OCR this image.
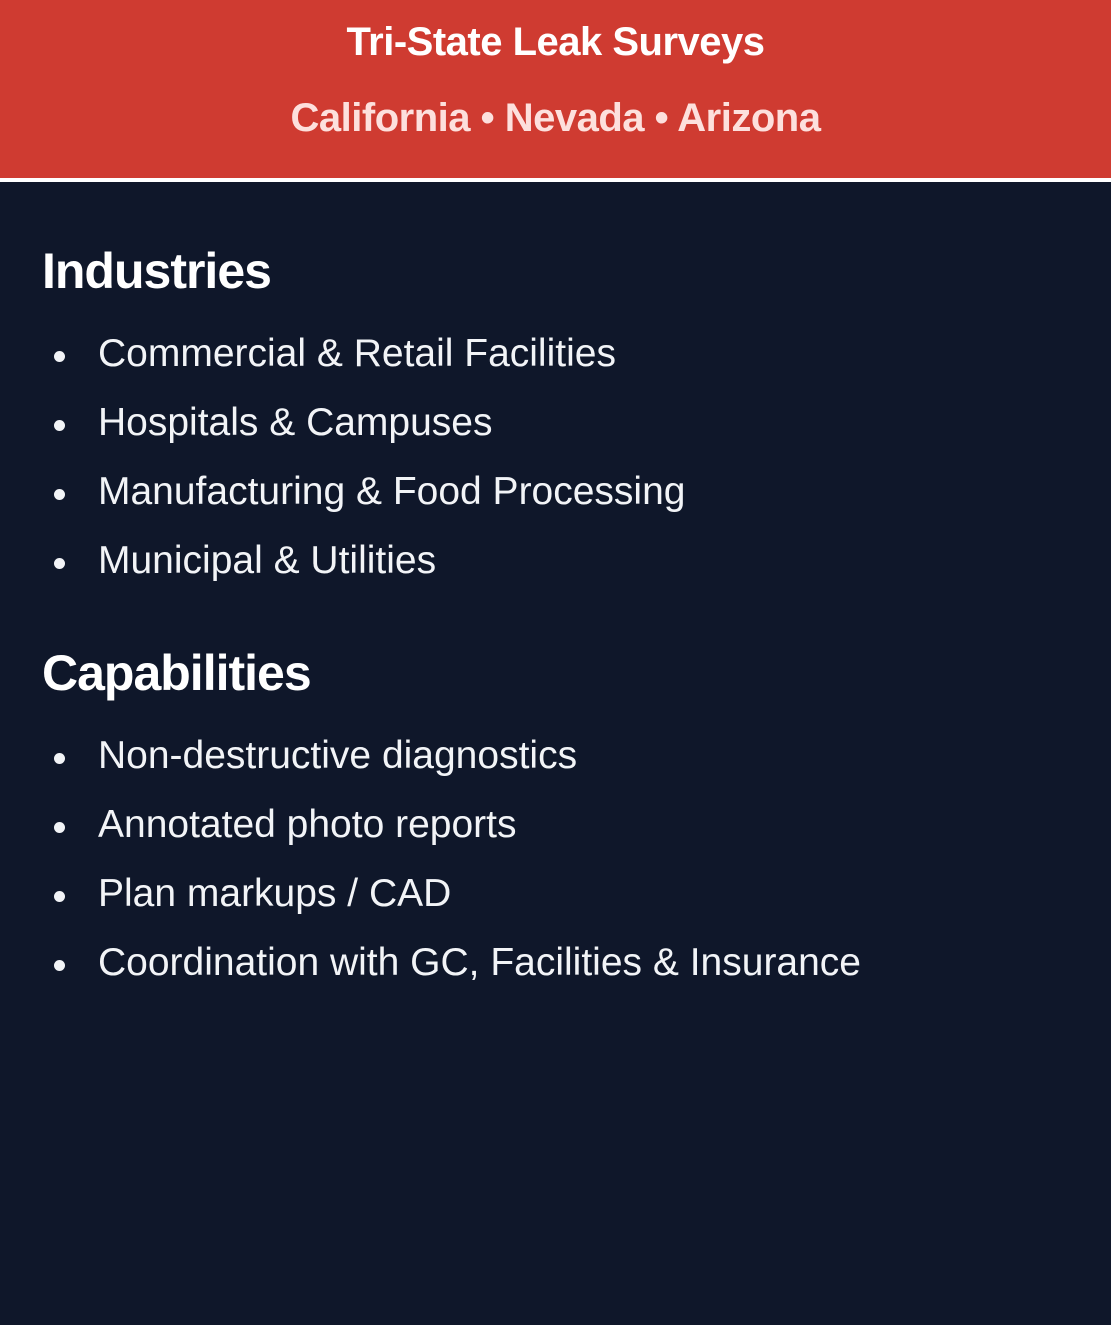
Tri-State Leak Surveys
California • Nevada • Arizona
Industries
Commercial & Retail Facilities
Hospitals & Campuses
Manufacturing & Food Processing
Municipal & Utilities
Capabilities
Non-destructive diagnostics
Annotated photo reports
Plan markups / CAD
Coordination with GC, Facilities & Insurance
